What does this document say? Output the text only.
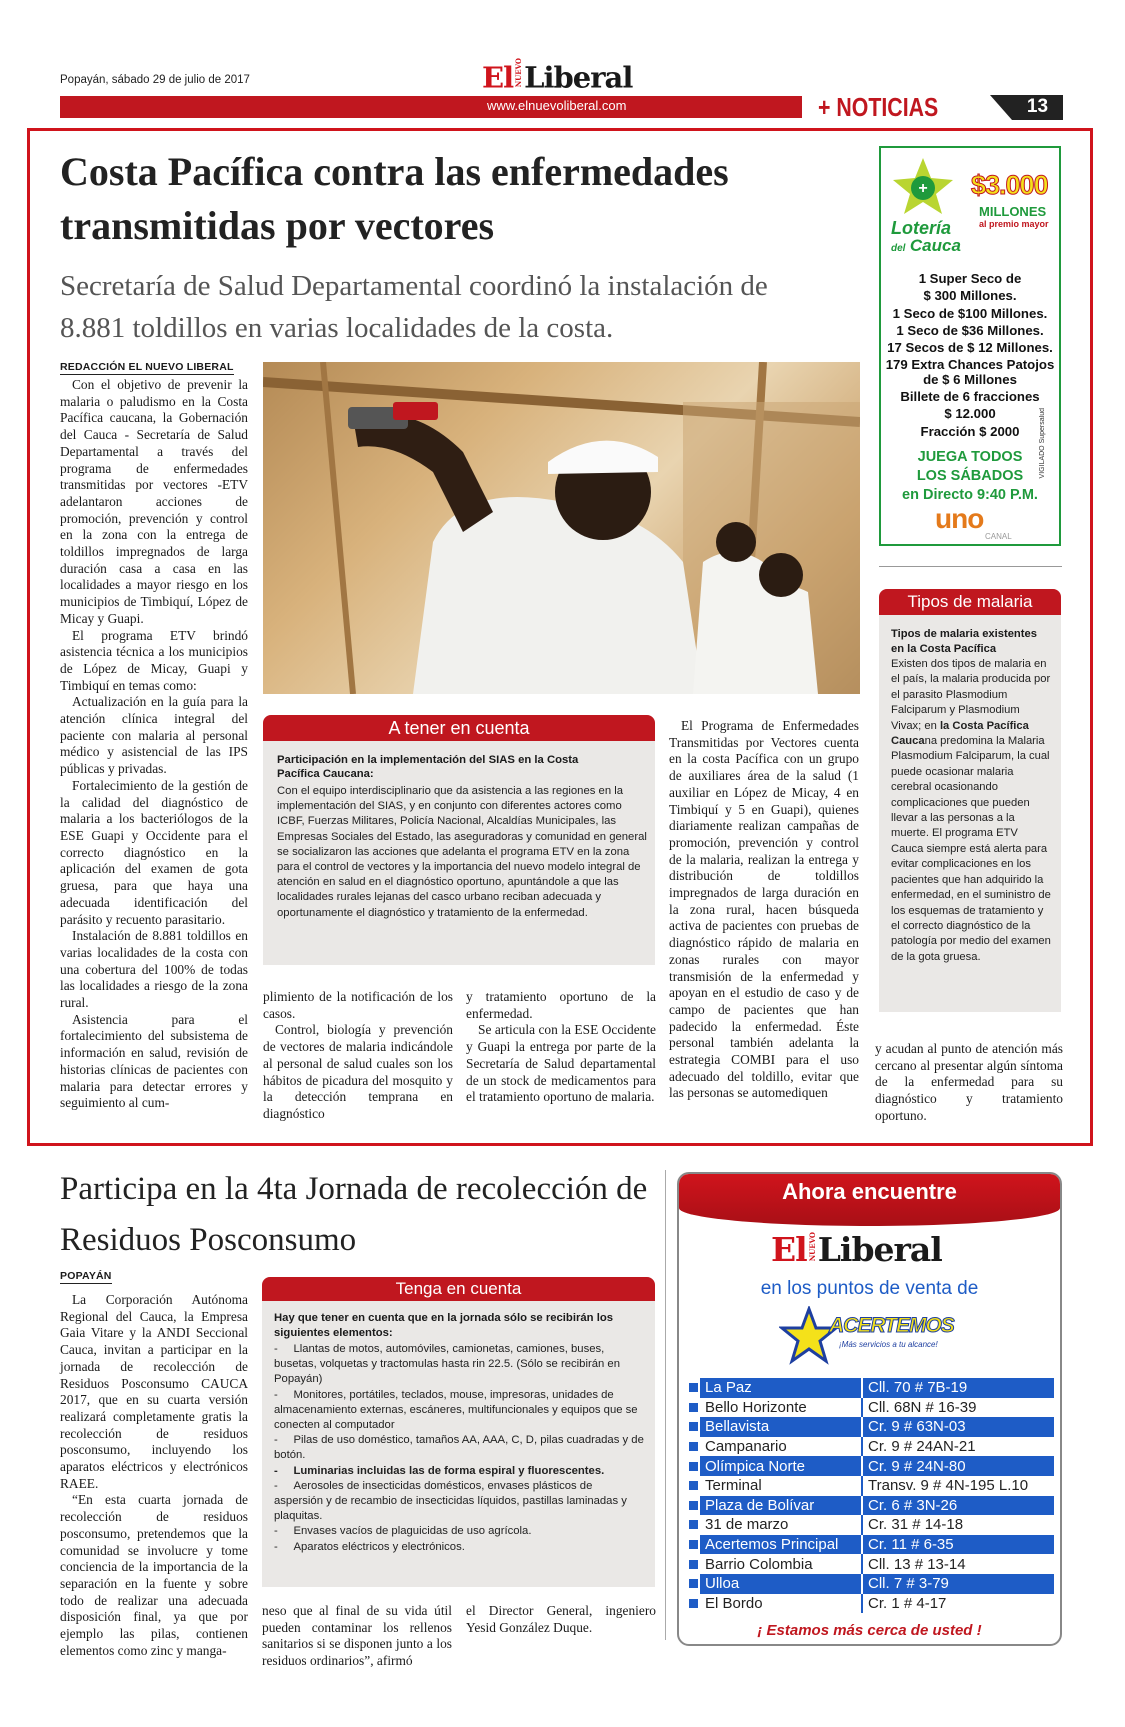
Popayán, sábado 29 de julio de 2017	ElNUEVOLiberal
www.elnuevoliberal.com	+ NOTICIAS	13
Costa Pacífica contra las enfermedades transmitidas por vectores
Secretaría de Salud Departamental coordinó la instalación de 8.881 toldillos en varias localidades de la costa.
REDACCIÓN EL NUEVO LIBERAL

Con el objetivo de prevenir la malaria o paludismo en la Costa Pacífica caucana, la Gobernación del Cauca - Secretaría de Salud Departamental a través del programa de enfermedades transmitidas por vectores -ETV adelantaron acciones de promoción, prevención y control en la zona con la entrega de toldillos impregnados de larga duración casa a casa en las localidades a mayor riesgo en los municipios de Timbiquí, López de Micay y Guapi.

El programa ETV brindó asistencia técnica a los municipios de López de Micay, Guapi y Timbiquí en temas como:

Actualización en la guía para la atención clínica integral del paciente con malaria al personal médico y asistencial de las IPS públicas y privadas.

Fortalecimiento de la gestión de la calidad del diagnóstico de malaria a los bacteriólogos de la ESE Guapi y Occidente para el correcto diagnóstico en la aplicación del examen de gota gruesa, para que haya una adecuada identificación del parásito y recuento parasitario.

Instalación de 8.881 toldillos en varias localidades de la costa con una cobertura del 100% de todas las localidades a riesgo de la zona rural.

Asistencia para el fortalecimiento del subsistema de información en salud, revisión de historias clínicas de pacientes con malaria para detectar errores y seguimiento al cum-

A tener en cuenta
Participación en la implementación del SIAS en la Costa Pacífica Caucana:
Con el equipo interdisciplinario que da asistencia a las regiones en la implementación del SIAS, y en conjunto con diferentes actores como ICBF, Fuerzas Militares, Policía Nacional, Alcaldías Municipales, las Empresas Sociales del Estado, las aseguradoras y comunidad en general se socializaron las acciones que adelanta el programa ETV en la zona para el control de vectores y la importancia del nuevo modelo integral de atención en salud en el diagnóstico oportuno, apuntándole a que las localidades rurales lejanas del casco urbano reciban adecuada y oportunamente el diagnóstico y tratamiento de la enfermedad.

plimiento de la notificación de los casos.

Control, biología y prevención de vectores de malaria indicándole al personal de salud cuales son los hábitos de picadura del mosquito y la detección temprana en diagnóstico

y tratamiento oportuno de la enfermedad.

Se articula con la ESE Occidente y Guapi la entrega por parte de la Secretaría de Salud departamental de un stock de medicamentos para el tratamiento oportuno de malaria.

El Programa de Enfermedades Transmitidas por Vectores cuenta en la costa Pacífica con un grupo de auxiliares área de la salud (1 auxiliar en López de Micay, 4 en Timbiquí y 5 en Guapi), quienes diariamente realizan campañas de promoción, prevención y control de la malaria, realizan la entrega y distribución de toldillos impregnados de larga duración en la zona rural, hacen búsqueda activa de pacientes con pruebas de diagnóstico rápido de malaria en zonas rurales con mayor transmisión de la enfermedad y apoyan en el estudio de caso y de campo de pacientes que han padecido la enfermedad. Éste personal también adelanta la estrategia COMBI para el uso adecuado del toldillo, evitar que las personas se automediquen

y acudan al punto de atención más cercano al presentar algún síntoma de la enfermedad para su diagnóstico y tratamiento oportuno.

+ $3.000
MILLONES
al premio mayor
Lotería
del Cauca
1 Super Seco de
$ 300 Millones.
1 Seco de $100 Millones.
1 Seco de $36 Millones.
17 Secos de $ 12 Millones.
179 Extra Chances Patojos
de $ 6 Millones
Billete de 6 fracciones
$ 12.000
Fracción $ 2000
JUEGA TODOS
LOS SÁBADOS
en Directo 9:40 P.M.
uno
CANAL
VIGILADO Supersalud
Tipos de malaria
Tipos de malaria existentes en la Costa Pacífica
Existen dos tipos de malaria en el país, la malaria producida por el parasito Plasmodium Falciparum y Plasmodium Vivax; en la Costa Pacífica Caucana predomina la Malaria Plasmodium Falciparum, la cual puede ocasionar malaria cerebral ocasionando complicaciones que pueden llevar a las personas a la muerte. El programa ETV Cauca siempre está alerta para evitar complicaciones en los pacientes que han adquirido la enfermedad, en el suministro de los esquemas de tratamiento y el correcto diagnóstico de la patología por medio del examen de la gota gruesa.
Participa en la 4ta Jornada de recolección de Residuos Posconsumo
POPAYÁN

La Corporación Autónoma Regional del Cauca, la Empresa Gaia Vitare y la ANDI Seccional Cauca, invitan a participar en la jornada de recolección de Residuos Posconsumo CAUCA 2017, que en su cuarta versión realizará completamente gratis la recolección de residuos posconsumo, incluyendo los aparatos eléctricos y electrónicos RAEE.

“En esta cuarta jornada de recolección de residuos posconsumo, pretendemos que la comunidad se involucre y tome conciencia de la importancia de la separación en la fuente y sobre todo de realizar una adecuada disposición final, ya que por ejemplo las pilas, contienen elementos como zinc y manga-

Tenga en cuenta
Hay que tener en cuenta que en la jornada sólo se recibirán los siguientes elementos:
-     Llantas de motos, automóviles, camionetas, camiones, buses, busetas, volquetas y tractomulas hasta rin 22.5. (Sólo se recibirán en Popayán)
-     Monitores, portátiles, teclados, mouse, impresoras, unidades de almacenamiento externas, escáneres, multifuncionales y equipos que se conecten al computador
-     Pilas de uso doméstico, tamaños AA, AAA, C, D, pilas cuadradas y de botón.
-     Luminarias incluidas las de forma espiral y fluorescentes.
-     Aerosoles de insecticidas domésticos, envases plásticos de aspersión y de recambio de insecticidas líquidos, pastillas laminadas y plaquitas.
-     Envases vacíos de plaguicidas de uso agrícola.
-     Aparatos eléctricos y electrónicos.

neso que al final de su vida útil pueden contaminar los rellenos sanitarios si se disponen junto a los residuos ordinarios”, afirmó

el Director General, ingeniero Yesid González Duque.

Ahora encuentre
ElNUEVOLiberal
en los puntos de venta de
ACERTEMOS
¡Más servicios a tu alcance!
¡ Estamos más cerca de usted !
	La Paz	Cll. 70 # 7B-19

	Bello Horizonte	Cll. 68N # 16-39

	Bellavista	Cr. 9 # 63N-03

	Campanario	Cr. 9 # 24AN-21

	Olímpica Norte	Cr. 9 # 24N-80

	Terminal	Transv. 9 # 4N-195 L.10

	Plaza de Bolívar	Cr. 6 # 3N-26

	31 de marzo	Cr. 31 # 14-18

	Acertemos Principal	Cr. 11 # 6-35

	Barrio Colombia	Cll. 13 # 13-14

	Ulloa	Cll. 7 # 3-79

	El Bordo	Cr. 1 # 4-17
